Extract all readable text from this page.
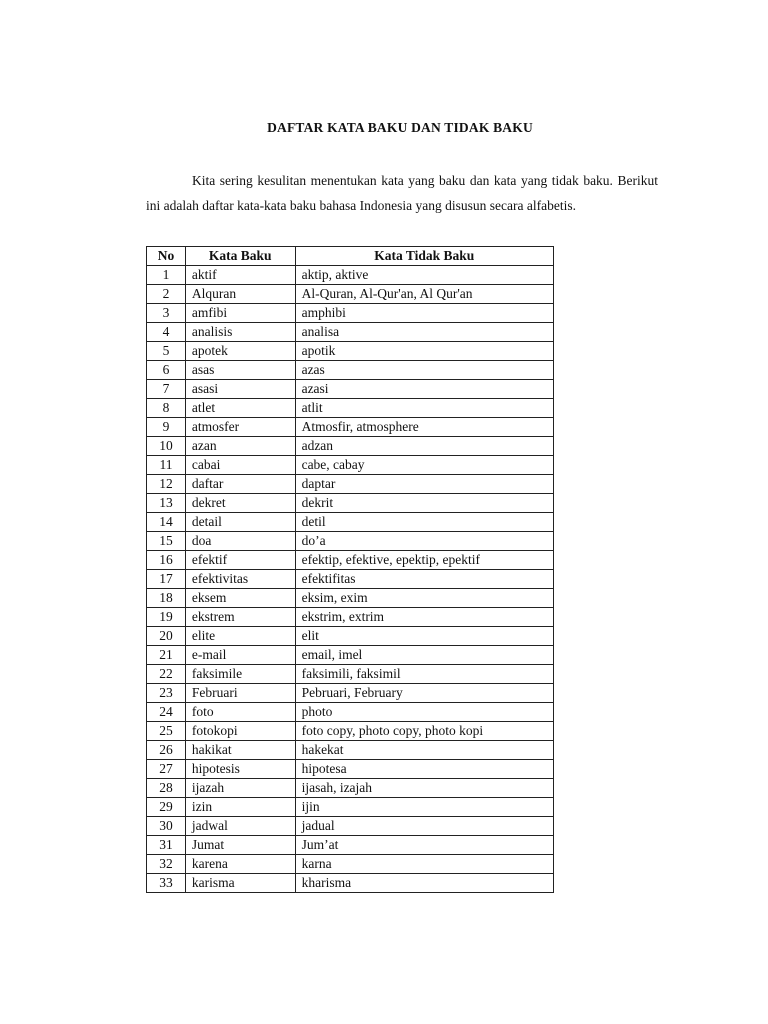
DAFTAR KATA BAKU DAN TIDAK BAKU

Kita sering kesulitan menentukan kata yang baku dan kata yang tidak baku. Berikut ini adalah daftar kata-kata baku bahasa Indonesia yang disusun secara alfabetis.

No	Kata Baku	Kata Tidak Baku
1	aktif	aktip, aktive
2	Alquran	Al-Quran, Al-Qur'an, Al Qur'an
3	amfibi	amphibi
4	analisis	analisa
5	apotek	apotik
6	asas	azas
7	asasi	azasi
8	atlet	atlit
9	atmosfer	Atmosfir, atmosphere
10	azan	adzan
11	cabai	cabe, cabay
12	daftar	daptar
13	dekret	dekrit
14	detail	detil
15	doa	do’a
16	efektif	efektip, efektive, epektip, epektif
17	efektivitas	efektifitas
18	eksem	eksim, exim
19	ekstrem	ekstrim, extrim
20	elite	elit
21	e-mail	email, imel
22	faksimile	faksimili, faksimil
23	Februari	Pebruari, February
24	foto	photo
25	fotokopi	foto copy, photo copy, photo kopi
26	hakikat	hakekat
27	hipotesis	hipotesa
28	ijazah	ijasah, izajah
29	izin	ijin
30	jadwal	jadual
31	Jumat	Jum’at
32	karena	karna
33	karisma	kharisma
